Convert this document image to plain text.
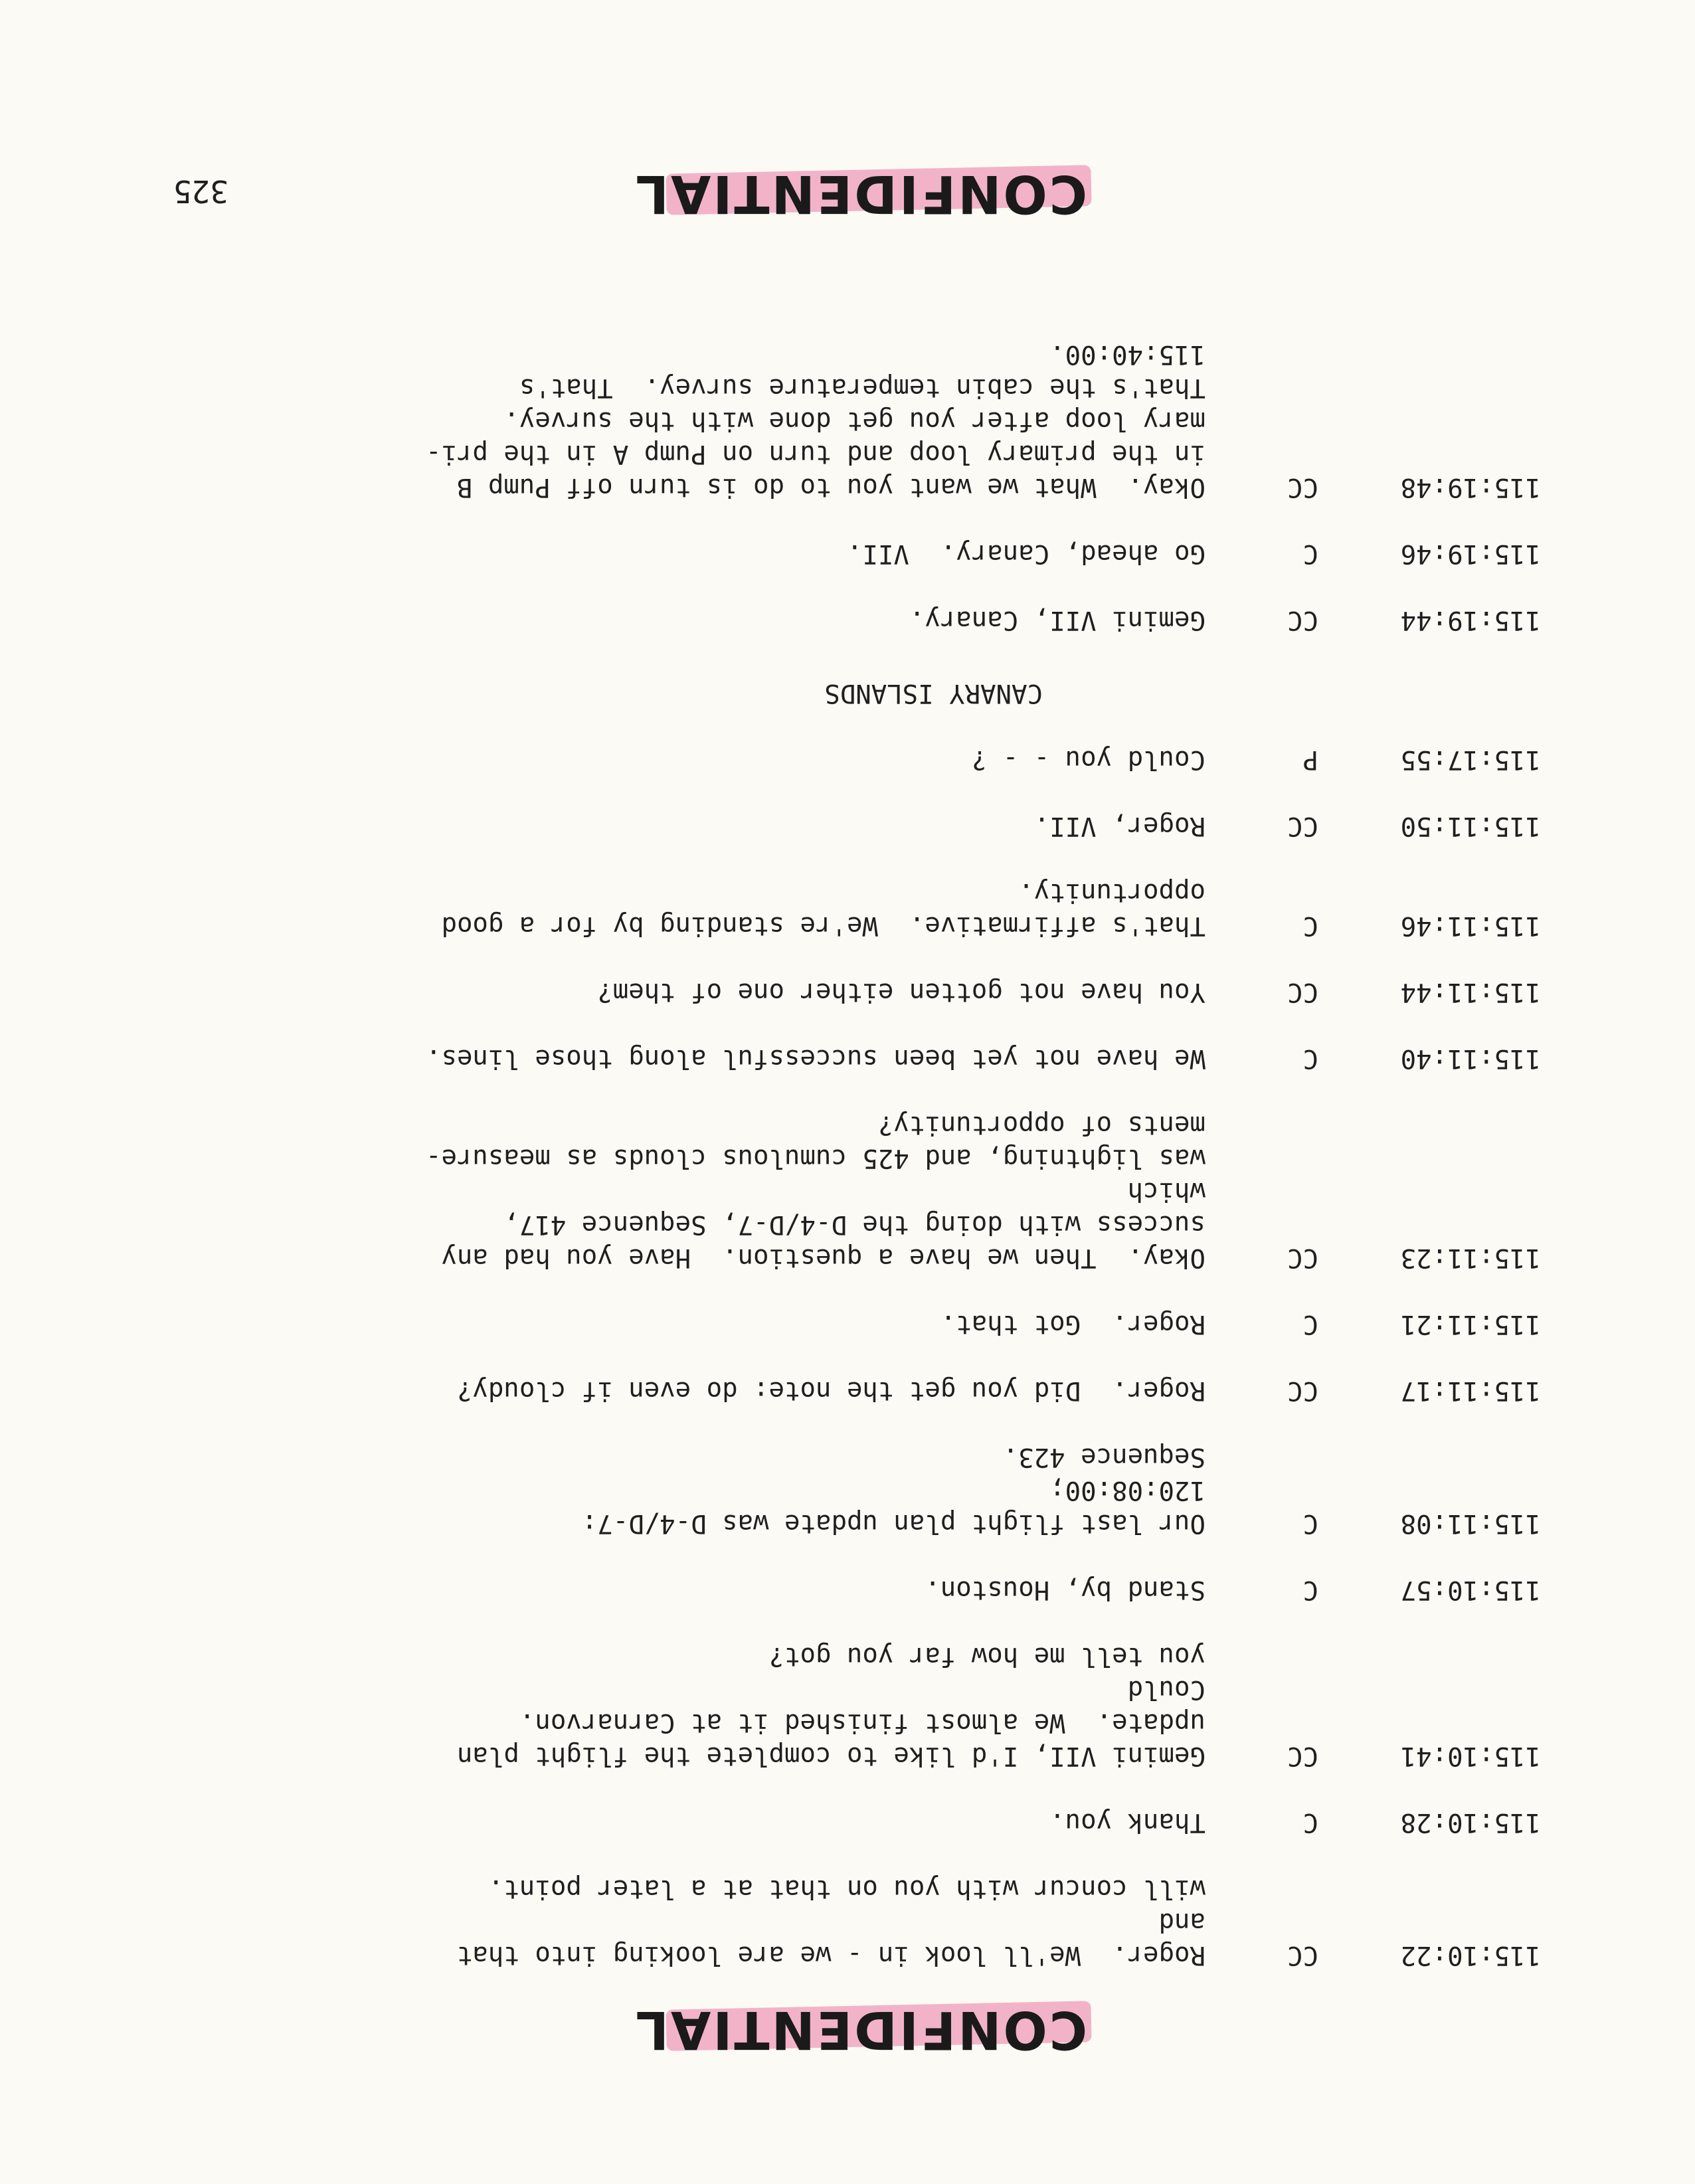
CONFIDENTIAL
325
115:10:22
CC
Roger.  We'll look in - we are looking into that and
will concur with you on that at a later point.
115:10:28
C
Thank you.
115:10:41
CC
Gemini VII, I'd like to complete the flight plan
update.  We almost finished it at Carnarvon.  Could
you tell me how far you got?
115:10:57
C
Stand by, Houston.
115:11:08
C
Our last flight plan update was D-4/D-7: 120:08:00;
Sequence 423.
115:11:17
CC
Roger.  Did you get the note: do even if cloudy?
115:11:21
C
Roger.  Got that.
115:11:23
CC
Okay.  Then we have a question.  Have you had any
success with doing the D-4/D-7, Sequence 417, which
was lightning, and 425 cumulous clouds as measure-
ments of opportunity?
115:11:40
C
We have not yet been successful along those lines.
115:11:44
CC
You have not gotten either one of them?
115:11:46
C
That's affirmative.  We're standing by for a good
opportunity.
115:11:50
CC
Roger, VII.
115:17:55
P
Could you - - ?
CANARY ISLANDS
115:19:44
CC
Gemini VII, Canary.
115:19:46
C
Go ahead, Canary.  VII.
115:19:48
CC
Okay.  What we want you to do is turn off Pump B
in the primary loop and turn on Pump A in the pri-
mary loop after you get done with the survey.
That's the cabin temperature survey.  That's
115:40:00.
CONFIDENTIAL
